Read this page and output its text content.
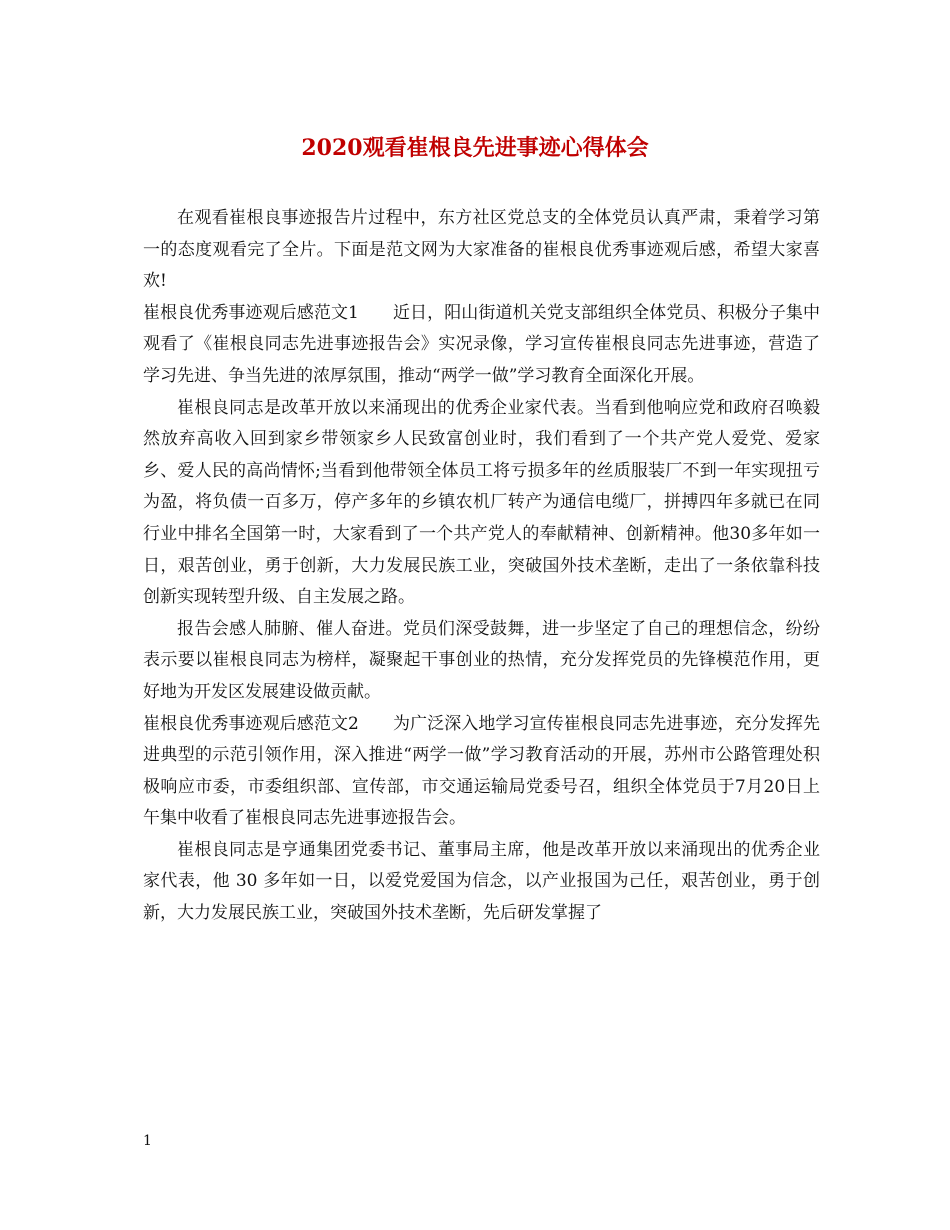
2020观看崔根良先进事迹心得体会

在观看崔根良事迹报告片过程中，东方社区党总支的全体党员认真严肃，秉着学习第一的态度观看完了全片。下面是范文网为大家准备的崔根良优秀事迹观后感，希望大家喜欢!

崔根良优秀事迹观后感范文1 近日，阳山街道机关党支部组织全体党员、积极分子集中观看了《崔根良同志先进事迹报告会》实况录像，学习宣传崔根良同志先进事迹，营造了学习先进、争当先进的浓厚氛围，推动“两学一做”学习教育全面深化开展。

崔根良同志是改革开放以来涌现出的优秀企业家代表。当看到他响应党和政府召唤毅然放弃高收入回到家乡带领家乡人民致富创业时，我们看到了一个共产党人爱党、爱家乡、爱人民的高尚情怀;当看到他带领全体员工将亏损多年的丝质服装厂不到一年实现扭亏为盈，将负债一百多万，停产多年的乡镇农机厂转产为通信电缆厂，拼搏四年多就已在同行业中排名全国第一时，大家看到了一个共产党人的奉献精神、创新精神。他30多年如一日，艰苦创业，勇于创新，大力发展民族工业，突破国外技术垄断，走出了一条依靠科技创新实现转型升级、自主发展之路。

报告会感人肺腑、催人奋进。党员们深受鼓舞，进一步坚定了自己的理想信念，纷纷表示要以崔根良同志为榜样，凝聚起干事创业的热情，充分发挥党员的先锋模范作用，更好地为开发区发展建设做贡献。

崔根良优秀事迹观后感范文2 为广泛深入地学习宣传崔根良同志先进事迹，充分发挥先进典型的示范引领作用，深入推进“两学一做”学习教育活动的开展，苏州市公路管理处积极响应市委，市委组织部、宣传部，市交通运输局党委号召，组织全体党员于7月20日上午集中收看了崔根良同志先进事迹报告会。

崔根良同志是亨通集团党委书记、董事局主席，他是改革开放以来涌现出的优秀企业家代表，他 30 多年如一日，以爱党爱国为信念，以产业报国为己任，艰苦创业，勇于创新，大力发展民族工业，突破国外技术垄断，先后研发掌握了

1
